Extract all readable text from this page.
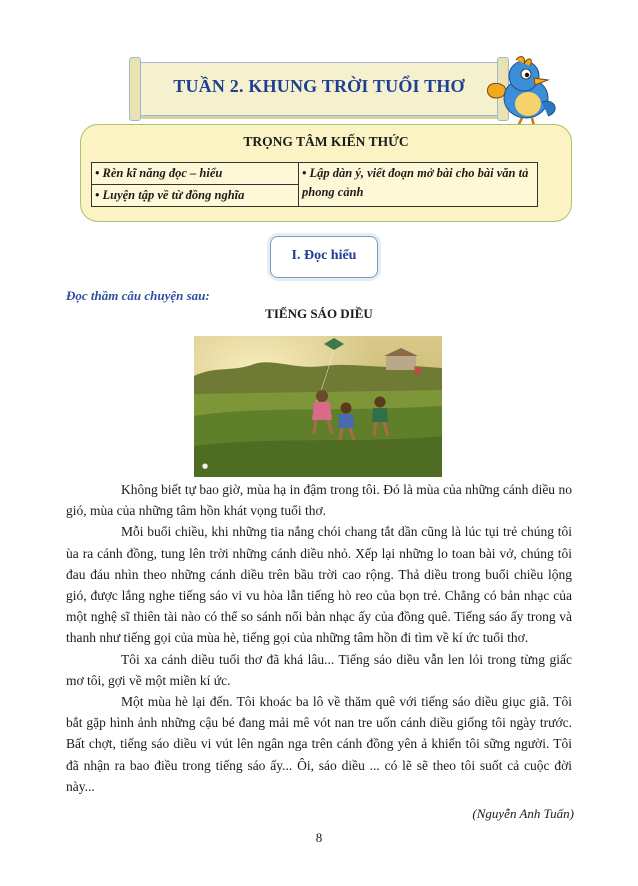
TUẦN 2. KHUNG TRỜI TUỔI THƠ
TRỌNG TÂM KIẾN THỨC
• Rèn kĩ năng đọc – hiểu	• Lập dàn ý, viết đoạn mở bài cho bài văn tả phong cảnh
• Luyện tập về từ đồng nghĩa
I. Đọc hiểu
Đọc thầm câu chuyện sau:
TIẾNG SÁO DIỀU
●

Không biết tự bao giờ, mùa hạ in đậm trong tôi. Đó là mùa của những cánh diều no gió, mùa của những tâm hồn khát vọng tuổi thơ.

Mỗi buổi chiều, khi những tia nắng chói chang tắt dần cũng là lúc tụi trẻ chúng tôi ùa ra cánh đồng, tung lên trời những cánh diều nhỏ. Xếp lại những lo toan bài vở, chúng tôi đau đáu nhìn theo những cánh diều trên bầu trời cao rộng. Thả diều trong buổi chiều lộng gió, được lắng nghe tiếng sáo vi vu hòa lẫn tiếng hò reo của bọn trẻ. Chẳng có bản nhạc của một nghệ sĩ thiên tài nào có thể so sánh nổi bản nhạc ấy của đồng quê. Tiếng sáo ấy trong và thanh như tiếng gọi của mùa hè, tiếng gọi của những tâm hồn đi tìm về kí ức tuổi thơ.

Tôi xa cánh diều tuổi thơ đã khá lâu... Tiếng sáo diều vẫn len lỏi trong từng giấc mơ tôi, gợi về một miền kí ức.

Một mùa hè lại đến. Tôi khoác ba lô về thăm quê với tiếng sáo diều giục giã. Tôi bắt gặp hình ảnh những cậu bé đang mải mê vót nan tre uốn cánh diều giống tôi ngày trước. Bất chợt, tiếng sáo diều vi vút lên ngân nga trên cánh đồng yên ả khiến tôi sững người. Tôi đã nhận ra bao điều trong tiếng sáo ấy... Ôi, sáo diều ... có lẽ sẽ theo tôi suốt cả cuộc đời này...

(Nguyễn Anh Tuấn)
8
